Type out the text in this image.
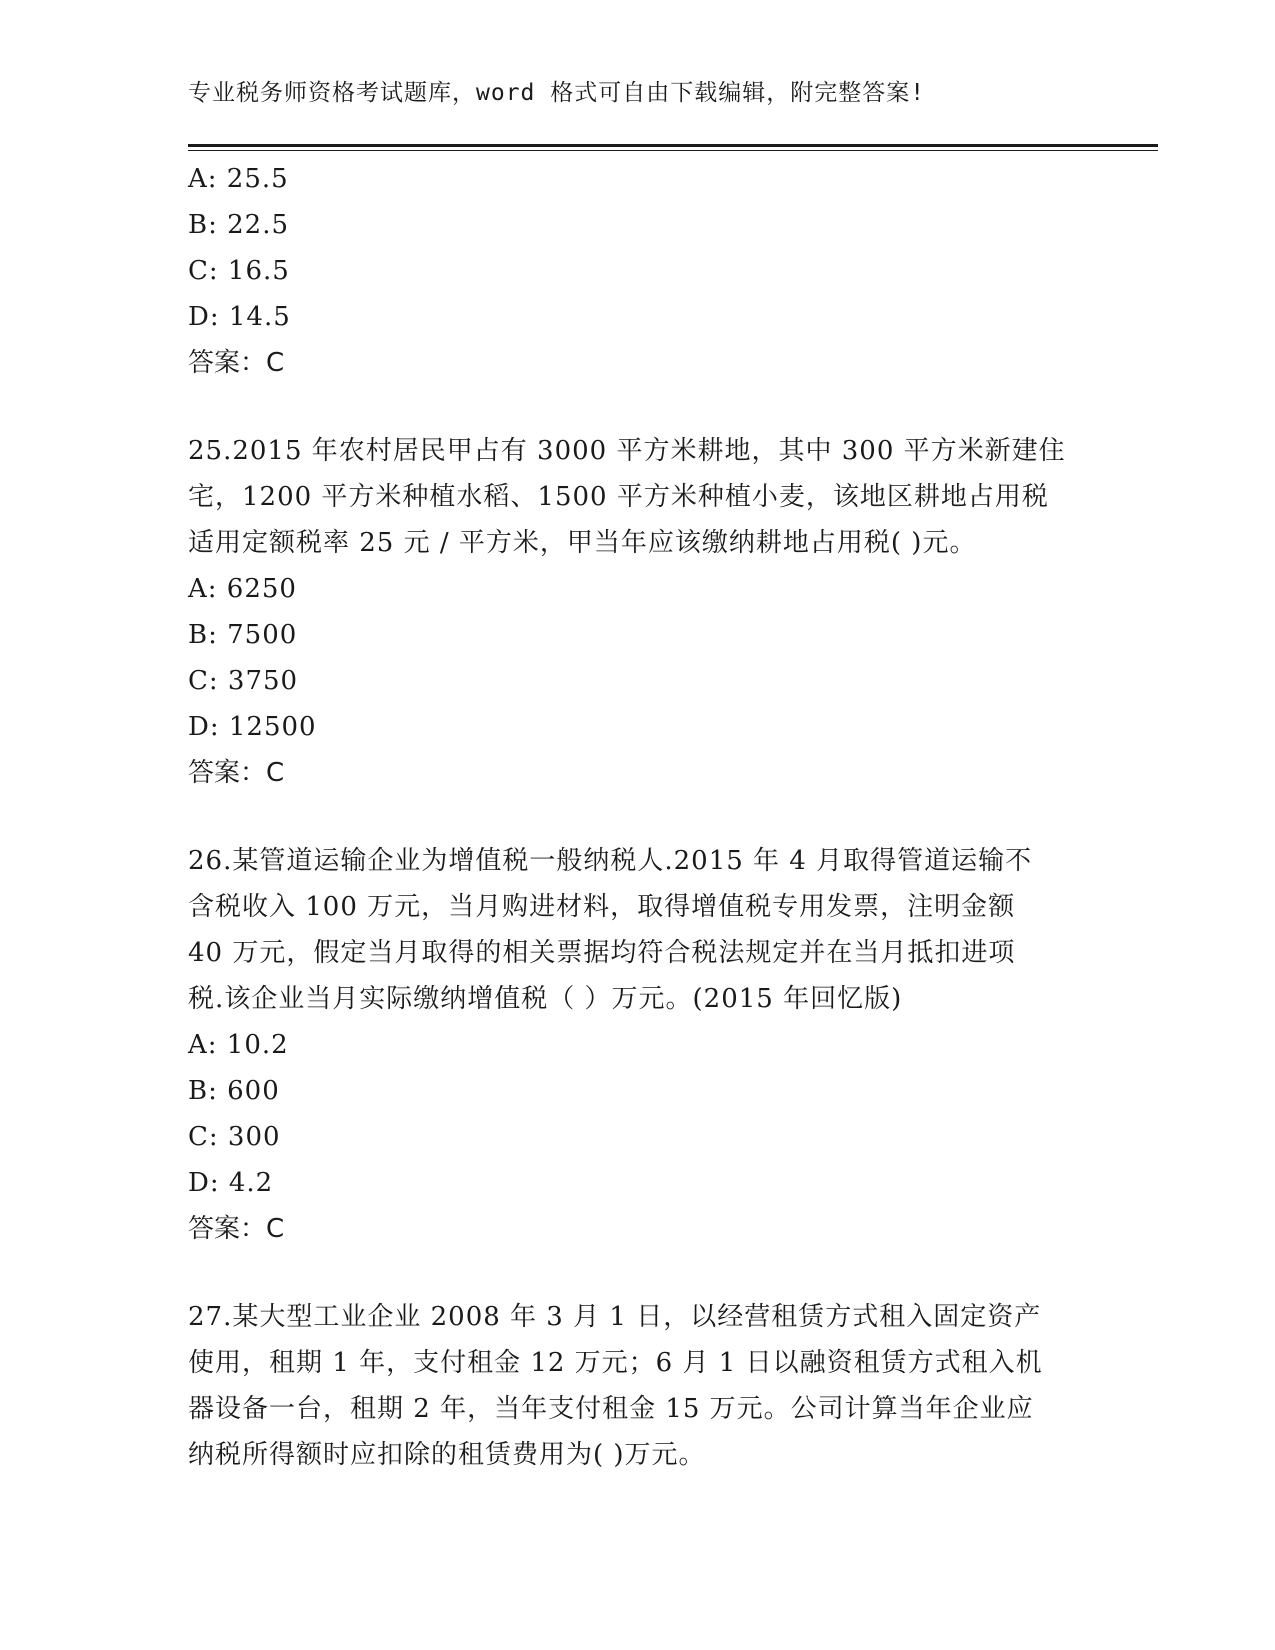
专业税务师资格考试题库，word 格式可自由下载编辑，附完整答案!
A: 25.5
B: 22.5
C: 16.5
D: 14.5
答案：C
25.2015 年农村居民甲占有 3000 平方米耕地，其中 300 平方米新建住
宅，1200 平方米种植水稻、1500 平方米种植小麦，该地区耕地占用税
适用定额税率 25 元 / 平方米，甲当年应该缴纳耕地占用税( )元。
A: 6250
B: 7500
C: 3750
D: 12500
答案：C
26.某管道运输企业为增值税一般纳税人.2015 年 4 月取得管道运输不
含税收入 100 万元，当月购进材料，取得增值税专用发票，注明金额
40 万元，假定当月取得的相关票据均符合税法规定并在当月抵扣进项
税.该企业当月实际缴纳增值税（ ）万元。(2015 年回忆版)
A: 10.2
B: 600
C: 300
D: 4.2
答案：C
27.某大型工业企业 2008 年 3 月 1 日，以经营租赁方式租入固定资产
使用，租期 1 年，支付租金 12 万元；6 月 1 日以融资租赁方式租入机
器设备一台，租期 2 年，当年支付租金 15 万元。公司计算当年企业应
纳税所得额时应扣除的租赁费用为( )万元。
